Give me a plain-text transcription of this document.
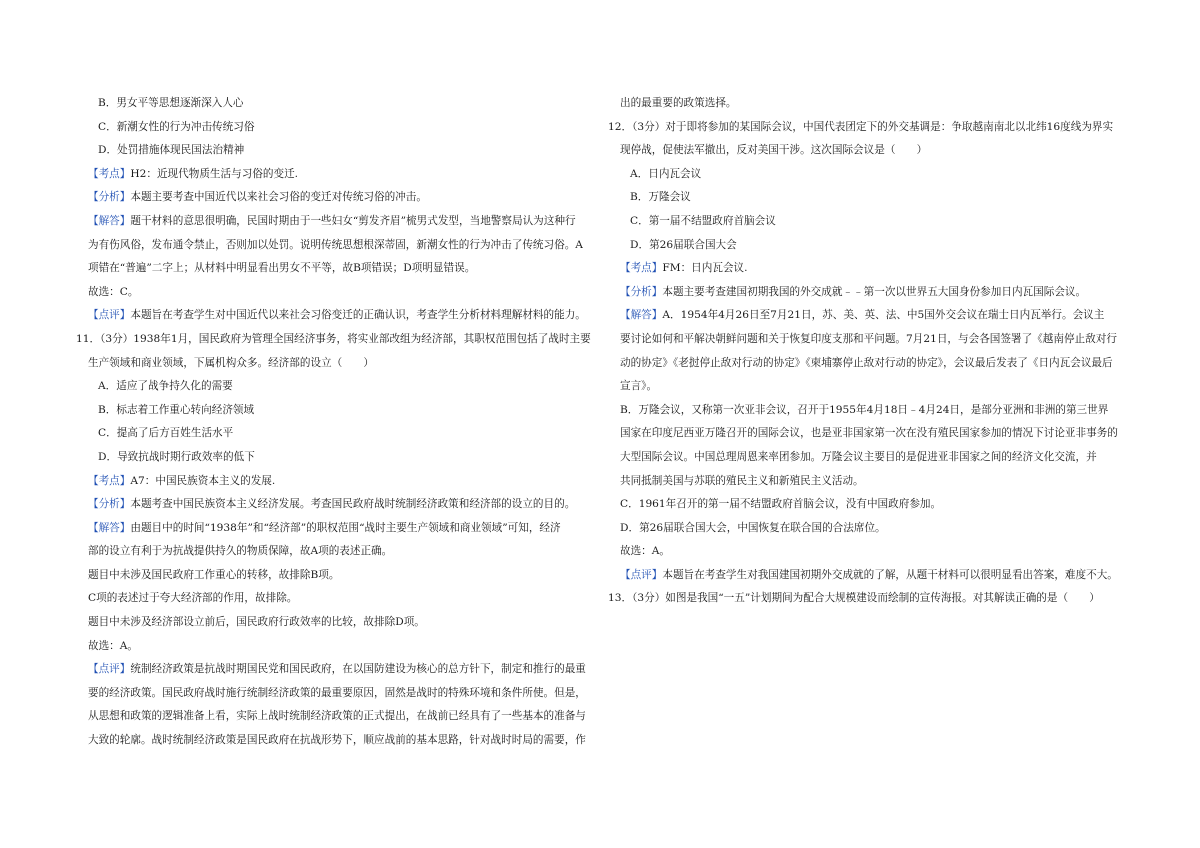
B．男女平等思想逐渐深入人心
C．新潮女性的行为冲击传统习俗
D．处罚措施体现民国法治精神
【考点】H2：近现代物质生活与习俗的变迁.
【分析】本题主要考查中国近代以来社会习俗的变迁对传统习俗的冲击。
【解答】题干材料的意思很明确，民国时期由于一些妇女“剪发齐眉”梳男式发型，当地警察局认为这种行
为有伤风俗，发布通令禁止，否则加以处罚。说明传统思想根深蒂固，新潮女性的行为冲击了传统习俗。A
项错在“普遍”二字上；从材料中明显看出男女不平等，故B项错误；D项明显错误。
故选：C。
【点评】本题旨在考查学生对中国近代以来社会习俗变迁的正确认识，考查学生分析材料理解材料的能力。
11．（3分）1938年1月，国民政府为管理全国经济事务，将实业部改组为经济部，其职权范围包括了战时主要
生产领域和商业领域，下属机构众多。经济部的设立（　　）
A．适应了战争持久化的需要
B．标志着工作重心转向经济领域
C．提高了后方百姓生活水平
D．导致抗战时期行政效率的低下
【考点】A7：中国民族资本主义的发展.
【分析】本题考查中国民族资本主义经济发展。考查国民政府战时统制经济政策和经济部的设立的目的。
【解答】由题目中的时间“1938年”和“经济部”的职权范围“战时主要生产领域和商业领域”可知，经济
部的设立有利于为抗战提供持久的物质保障，故A项的表述正确。
题目中未涉及国民政府工作重心的转移，故排除B项。
C项的表述过于夸大经济部的作用，故排除。
题目中未涉及经济部设立前后，国民政府行政效率的比较，故排除D项。
故选：A。
【点评】统制经济政策是抗战时期国民党和国民政府，在以国防建设为核心的总方针下，制定和推行的最重
要的经济政策。国民政府战时施行统制经济政策的最重要原因，固然是战时的特殊环境和条件所使。但是，
从思想和政策的逻辑准备上看，实际上战时统制经济政策的正式提出，在战前已经具有了一些基本的准备与
大致的轮廓。战时统制经济政策是国民政府在抗战形势下，顺应战前的基本思路，针对战时时局的需要，作
出的最重要的政策选择。
12．（3分）对于即将参加的某国际会议，中国代表团定下的外交基调是：争取越南南北以北纬16度线为界实
现停战，促使法军撤出，反对美国干涉。这次国际会议是（　　）
A．日内瓦会议
B．万隆会议
C．第一届不结盟政府首脑会议
D．第26届联合国大会
【考点】FM：日内瓦会议.
【分析】本题主要考查建国初期我国的外交成就﹣﹣第一次以世界五大国身份参加日内瓦国际会议。
【解答】A．1954年4月26日至7月21日，苏、美、英、法、中5国外交会议在瑞士日内瓦举行。会议主
要讨论如何和平解决朝鲜问题和关于恢复印度支那和平问题。7月21日，与会各国签署了《越南停止敌对行
动的协定》《老挝停止敌对行动的协定》《柬埔寨停止敌对行动的协定》，会议最后发表了《日内瓦会议最后
宣言》。
B．万隆会议，又称第一次亚非会议，召开于1955年4月18日﹣4月24日，是部分亚洲和非洲的第三世界
国家在印度尼西亚万隆召开的国际会议，也是亚非国家第一次在没有殖民国家参加的情况下讨论亚非事务的
大型国际会议。中国总理周恩来率团参加。万隆会议主要目的是促进亚非国家之间的经济文化交流，并
共同抵制美国与苏联的殖民主义和新殖民主义活动。
C．1961年召开的第一届不结盟政府首脑会议，没有中国政府参加。
D．第26届联合国大会，中国恢复在联合国的合法席位。
故选：A。
【点评】本题旨在考查学生对我国建国初期外交成就的了解，从题干材料可以很明显看出答案，难度不大。
13．（3分）如图是我国“一五”计划期间为配合大规模建设而绘制的宣传海报。对其解读正确的是（　　）
